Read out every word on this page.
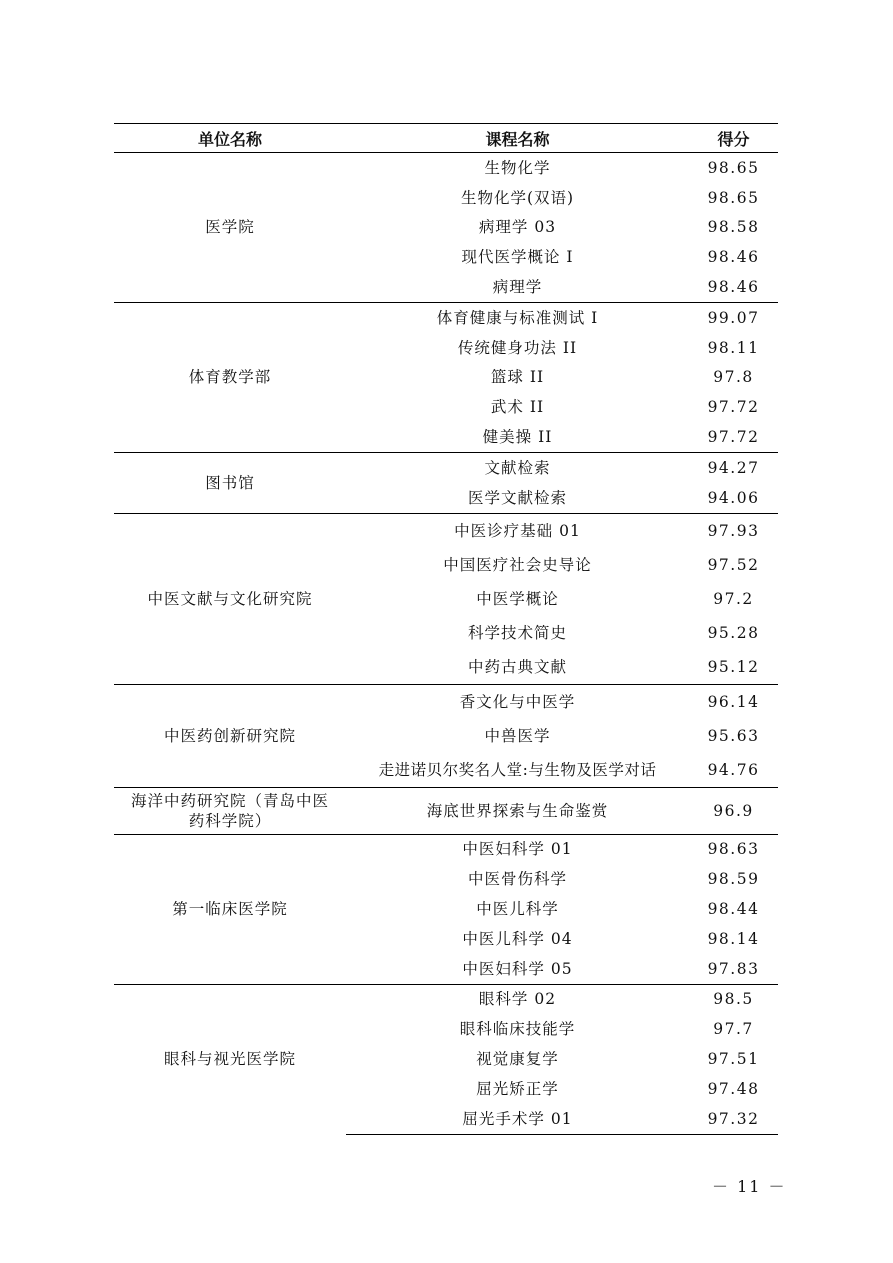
单位名称	课程名称	得分
医学院	生物化学	98.65
	生物化学(双语)	98.65
	病理学 03	98.58
	现代医学概论 I	98.46
	病理学	98.46
体育教学部	体育健康与标准测试 I	99.07
	传统健身功法 II	98.11
	篮球 II	97.8
	武术 II	97.72
	健美操 II	97.72
图书馆	文献检索	94.27
	医学文献检索	94.06
中医文献与文化研究院	中医诊疗基础 01	97.93
	中国医疗社会史导论	97.52
	中医学概论	97.2
	科学技术简史	95.28
	中药古典文献	95.12
中医药创新研究院	香文化与中医学	96.14
	中兽医学	95.63
	走进诺贝尔奖名人堂:与生物及医学对话	94.76
海洋中药研究院（青岛中医药科学院）	海底世界探索与生命鉴赏	96.9
第一临床医学院	中医妇科学 01	98.63
	中医骨伤科学	98.59
	中医儿科学	98.44
	中医儿科学 04	98.14
	中医妇科学 05	97.83
眼科与视光医学院	眼科学 02	98.5
	眼科临床技能学	97.7
	视觉康复学	97.51
	屈光矫正学	97.48
	屈光手术学 01	97.32
－ 11 －
